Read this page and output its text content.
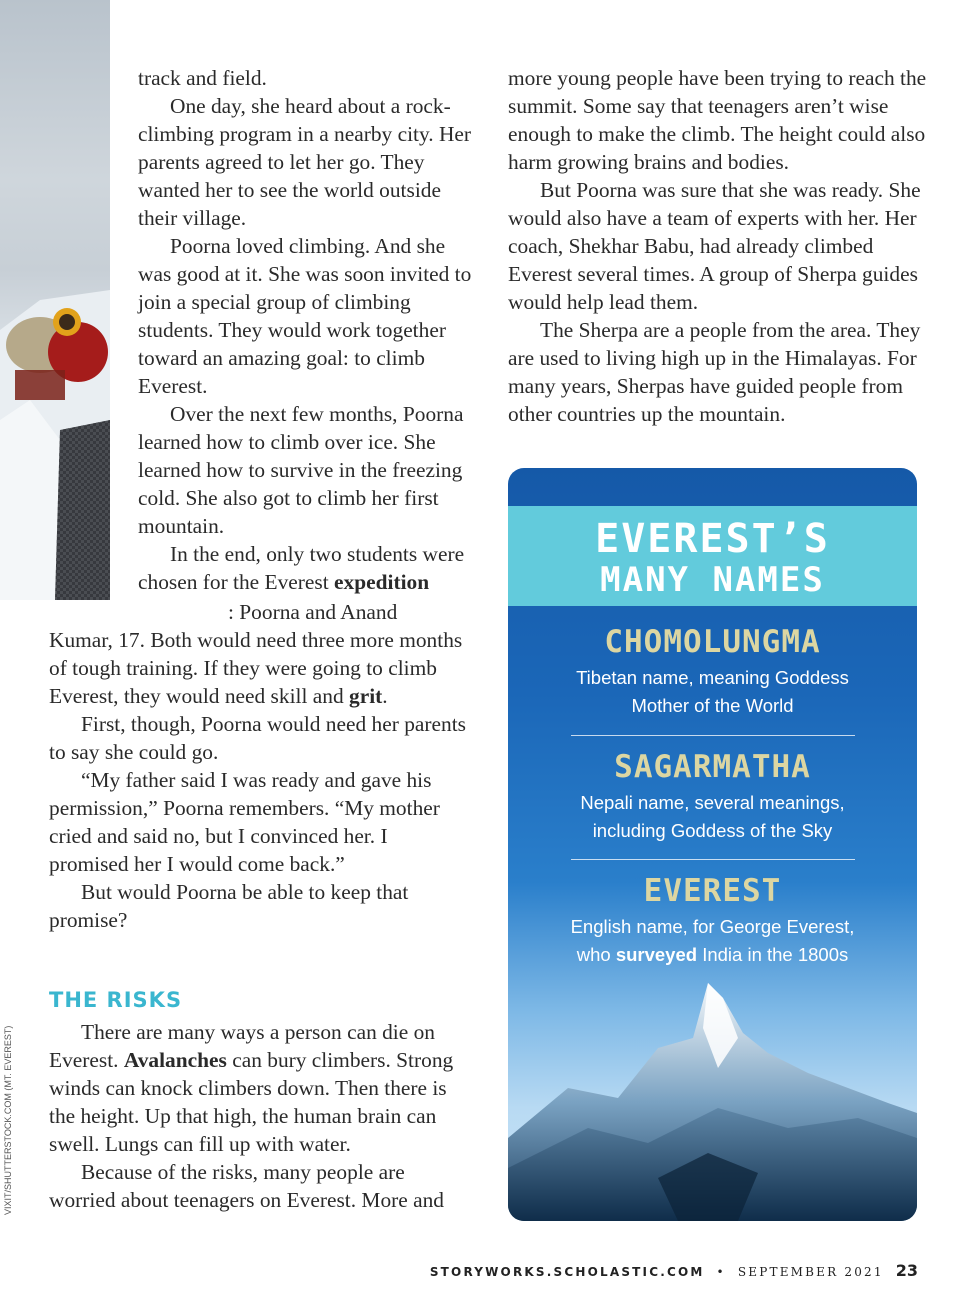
track and field.

One day, she heard about a rock-climbing program in a nearby city. Her parents agreed to let her go. They wanted her to see the world outside their village.

Poorna loved climbing. And she was good at it. She was soon invited to join a special group of climbing students. They would work together toward an amazing goal: to climb Everest.

Over the next few months, Poorna learned how to climb over ice. She learned how to survive in the freezing cold. She also got to climb her first mountain.

In the end, only two students were chosen for the Everest expedition

Kumar, 17. Both would need three more months of tough training. If they were going to climb Everest, they would need skill and grit.

First, though, Poorna would need her parents to say she could go.

“My father said I was ready and gave his permission,” Poorna remembers. “My mother cried and said no, but I convinced her. I promised her I would come back.”

But would Poorna be able to keep that promise?

: Poorna and Anand
THE RISKS

There are many ways a person can die on Everest. Avalanches can bury climbers. Strong winds can knock climbers down. Then there is the height. Up that high, the human brain can swell. Lungs can fill up with water.

Because of the risks, many people are worried about teenagers on Everest. More and

VIXIT/SHUTTERSTOCK.COM (MT. EVEREST)

more young people have been trying to reach the summit. Some say that teenagers aren’t wise enough to make the climb. The height could also harm growing brains and bodies.

But Poorna was sure that she was ready. She would also have a team of experts with her. Her coach, Shekhar Babu, had already climbed Everest several times. A group of Sherpa guides would help lead them.

The Sherpa are a people from the area. They are used to living high up in the Himalayas. For many years, Sherpas have guided people from other countries up the mountain.

EVEREST’S
MANY NAMES
CHOMOLUNGMA
Tibetan name, meaning Goddess
Mother of the World
SAGARMATHA
Nepali name, several meanings,
including Goddess of the Sky
EVEREST
English name, for George Everest,
who surveyed India in the 1800s
STORYWORKS.SCHOLASTIC.COM • SEPTEMBER 2021 23
